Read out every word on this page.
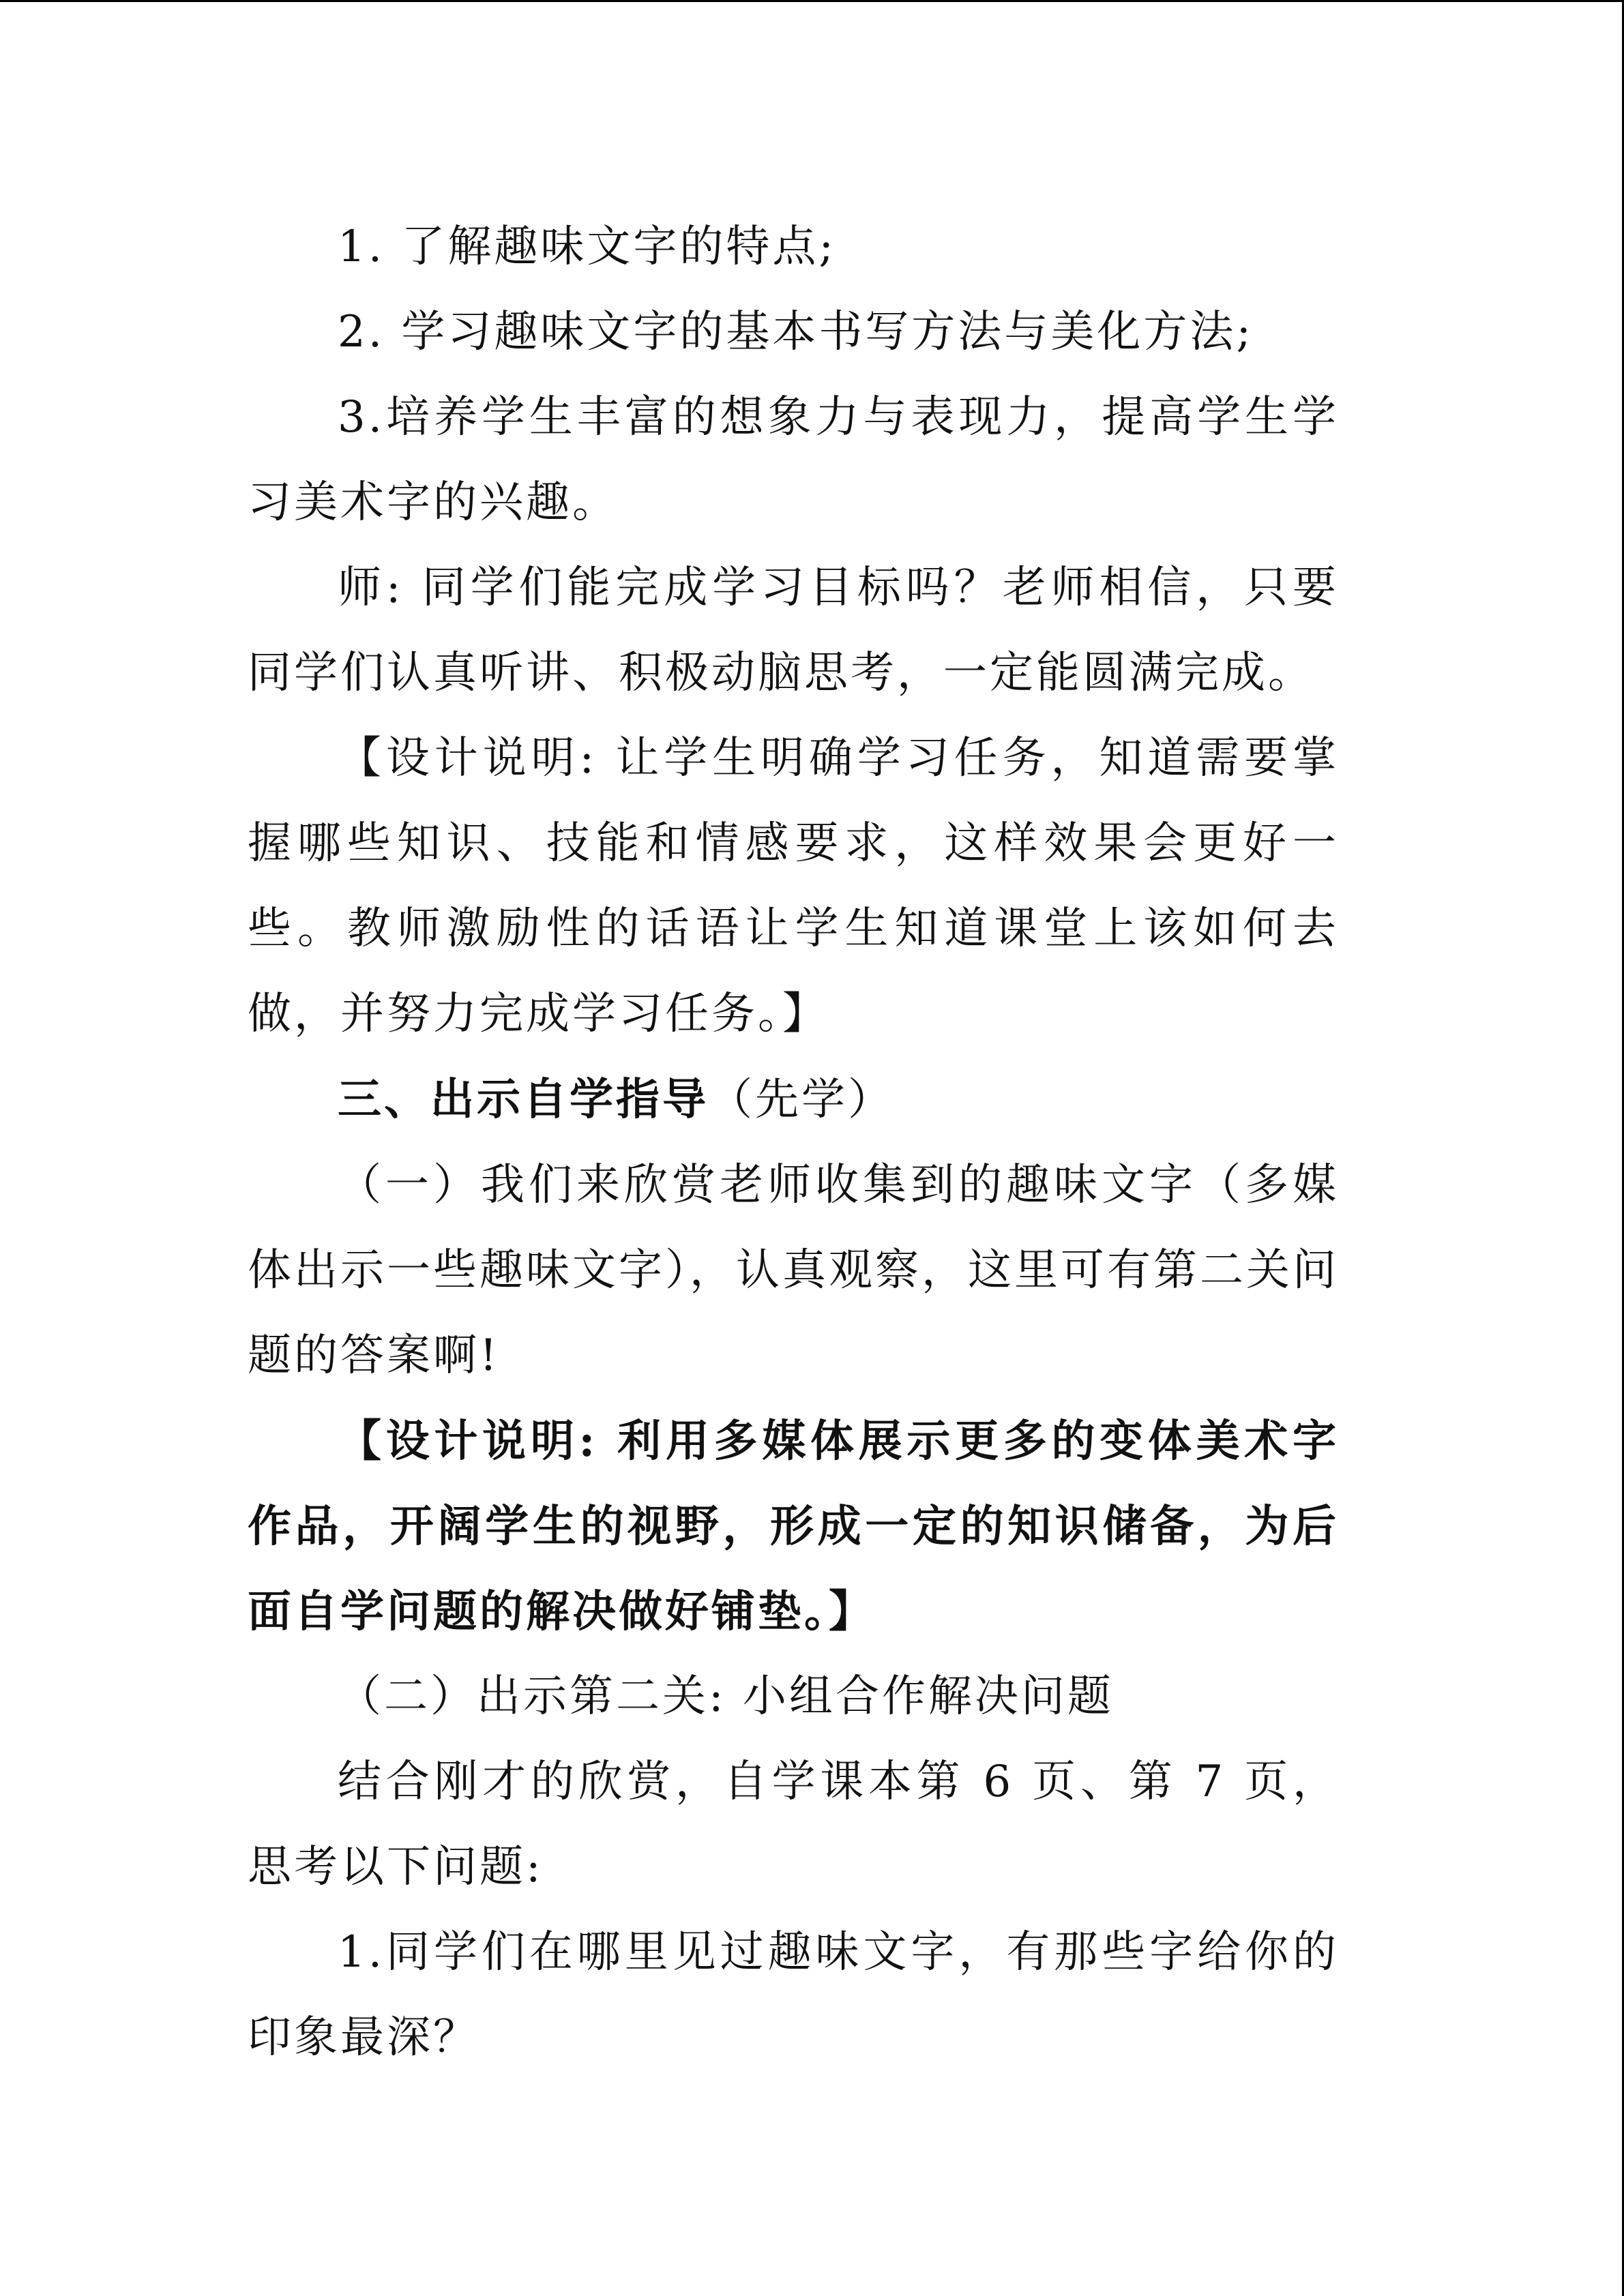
1. 了解趣味文字的特点;

2. 学习趣味文字的基本书写方法与美化方法;

3.培养学生丰富的想象力与表现力，提高学生学习美术字的兴趣。

师: 同学们能完成学习目标吗？老师相信，只要同学们认真听讲、积极动脑思考，一定能圆满完成。

【设计说明: 让学生明确学习任务，知道需要掌握哪些知识、技能和情感要求，这样效果会更好一些。教师激励性的话语让学生知道课堂上该如何去做，并努力完成学习任务。】

三、出示自学指导（先学）

（一）我们来欣赏老师收集到的趣味文字（多媒体出示一些趣味文字），认真观察，这里可有第二关问题的答案啊!

【设计说明: 利用多媒体展示更多的变体美术字作品，开阔学生的视野，形成一定的知识储备，为后面自学问题的解决做好铺垫。】

（二）出示第二关: 小组合作解决问题

结合刚才的欣赏，自学课本第 6 页、第 7 页，思考以下问题:

1.同学们在哪里见过趣味文字，有那些字给你的印象最深？
